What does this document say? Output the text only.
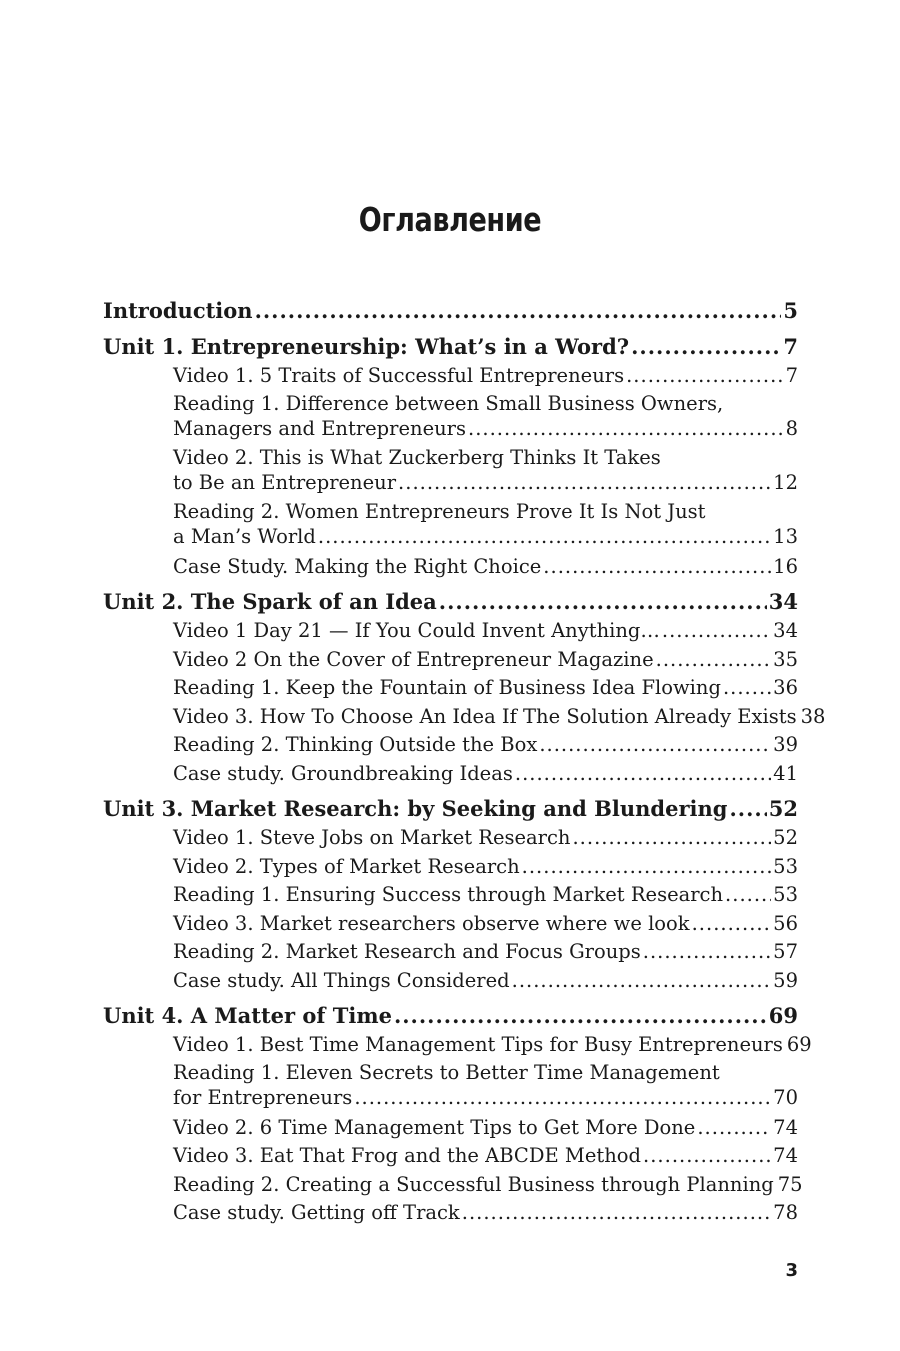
Оглавление
Introduction .....	5
Unit 1. Entrepreneurship: What’s in a Word? .....	7
Video 1. 5 Traits of Successful Entrepreneurs .....	7
Reading 1. Difference between Small Business Owners,
Managers and Entrepreneurs .....	8
Video 2. This is What Zuckerberg Thinks It Takes
to Be an Entrepreneur .....	12
Reading 2. Women Entrepreneurs Prove It Is Not Just
a Man’s World .....	13
Case Study. Making the Right Choice .....	16
Unit 2. The Spark of an Idea .....	34
Video 1 Day 21 — If You Could Invent Anything… .....	34
Video 2 On the Cover of Entrepreneur Magazine .....	35
Reading 1. Keep the Fountain of Business Idea Flowing .....	36
Video 3. How To Choose An Idea If The Solution Already Exists 38
Reading 2. Thinking Outside the Box .....	39
Case study. Groundbreaking Ideas .....	41
Unit 3. Market Research: by Seeking and Blundering ..... 52
Video 1. Steve Jobs on Market Research .....	52
Video 2. Types of Market Research .....	53
Reading 1. Ensuring Success through Market Research .....	53
Video 3. Market researchers observe where we look .....	56
Reading 2. Market Research and Focus Groups .....	57
Case study. All Things Considered .....	59
Unit 4. A Matter of Time .....	69
Video 1. Best Time Management Tips for Busy Entrepreneurs 69
Reading 1. Eleven Secrets to Better Time Management
for Entrepreneurs .....	70
Video 2. 6 Time Management Tips to Get More Done .....	74
Video 3. Eat That Frog and the ABCDE Method .....	74
Reading 2. Creating a Successful Business through Planning 75
Case study. Getting off Track .....	78
3
